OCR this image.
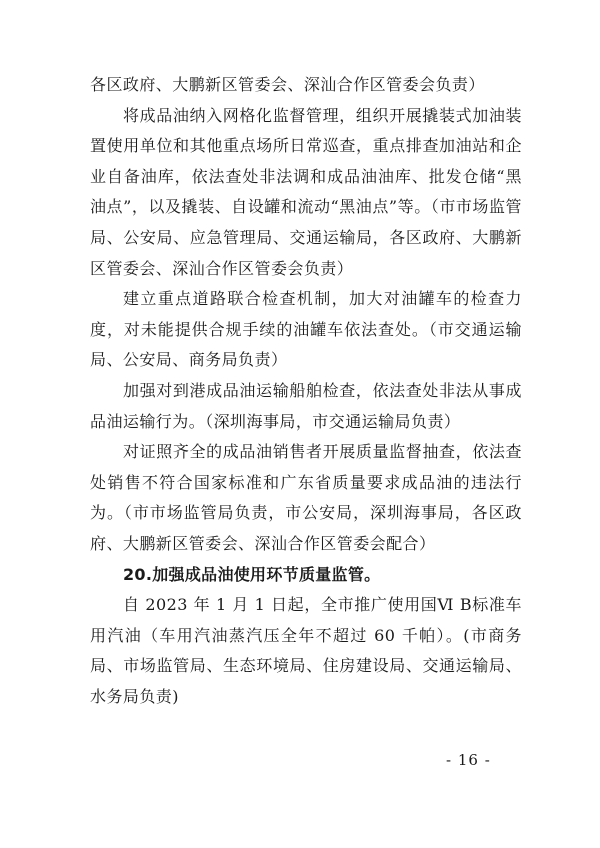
各区政府、大鹏新区管委会、深汕合作区管委会负责）

将成品油纳入网格化监督管理，组织开展撬装式加油装置使用单位和其他重点场所日常巡查，重点排查加油站和企业自备油库，依法查处非法调和成品油油库、批发仓储“黑油点”，以及撬装、自设罐和流动“黑油点”等。（市市场监管局、公安局、应急管理局、交通运输局，各区政府、大鹏新区管委会、深汕合作区管委会负责）

建立重点道路联合检查机制，加大对油罐车的检查力度，对未能提供合规手续的油罐车依法查处。（市交通运输局、公安局、商务局负责）

加强对到港成品油运输船舶检查，依法查处非法从事成品油运输行为。（深圳海事局，市交通运输局负责）

对证照齐全的成品油销售者开展质量监督抽查，依法查处销售不符合国家标准和广东省质量要求成品油的违法行为。（市市场监管局负责，市公安局，深圳海事局，各区政府、大鹏新区管委会、深汕合作区管委会配合）

20.加强成品油使用环节质量监管。

自 2023 年 1 月 1 日起，全市推广使用国Ⅵ B标准车用汽油（车用汽油蒸汽压全年不超过 60 千帕）。(市商务局、市场监管局、生态环境局、住房建设局、交通运输局、水务局负责)

- 16 -
